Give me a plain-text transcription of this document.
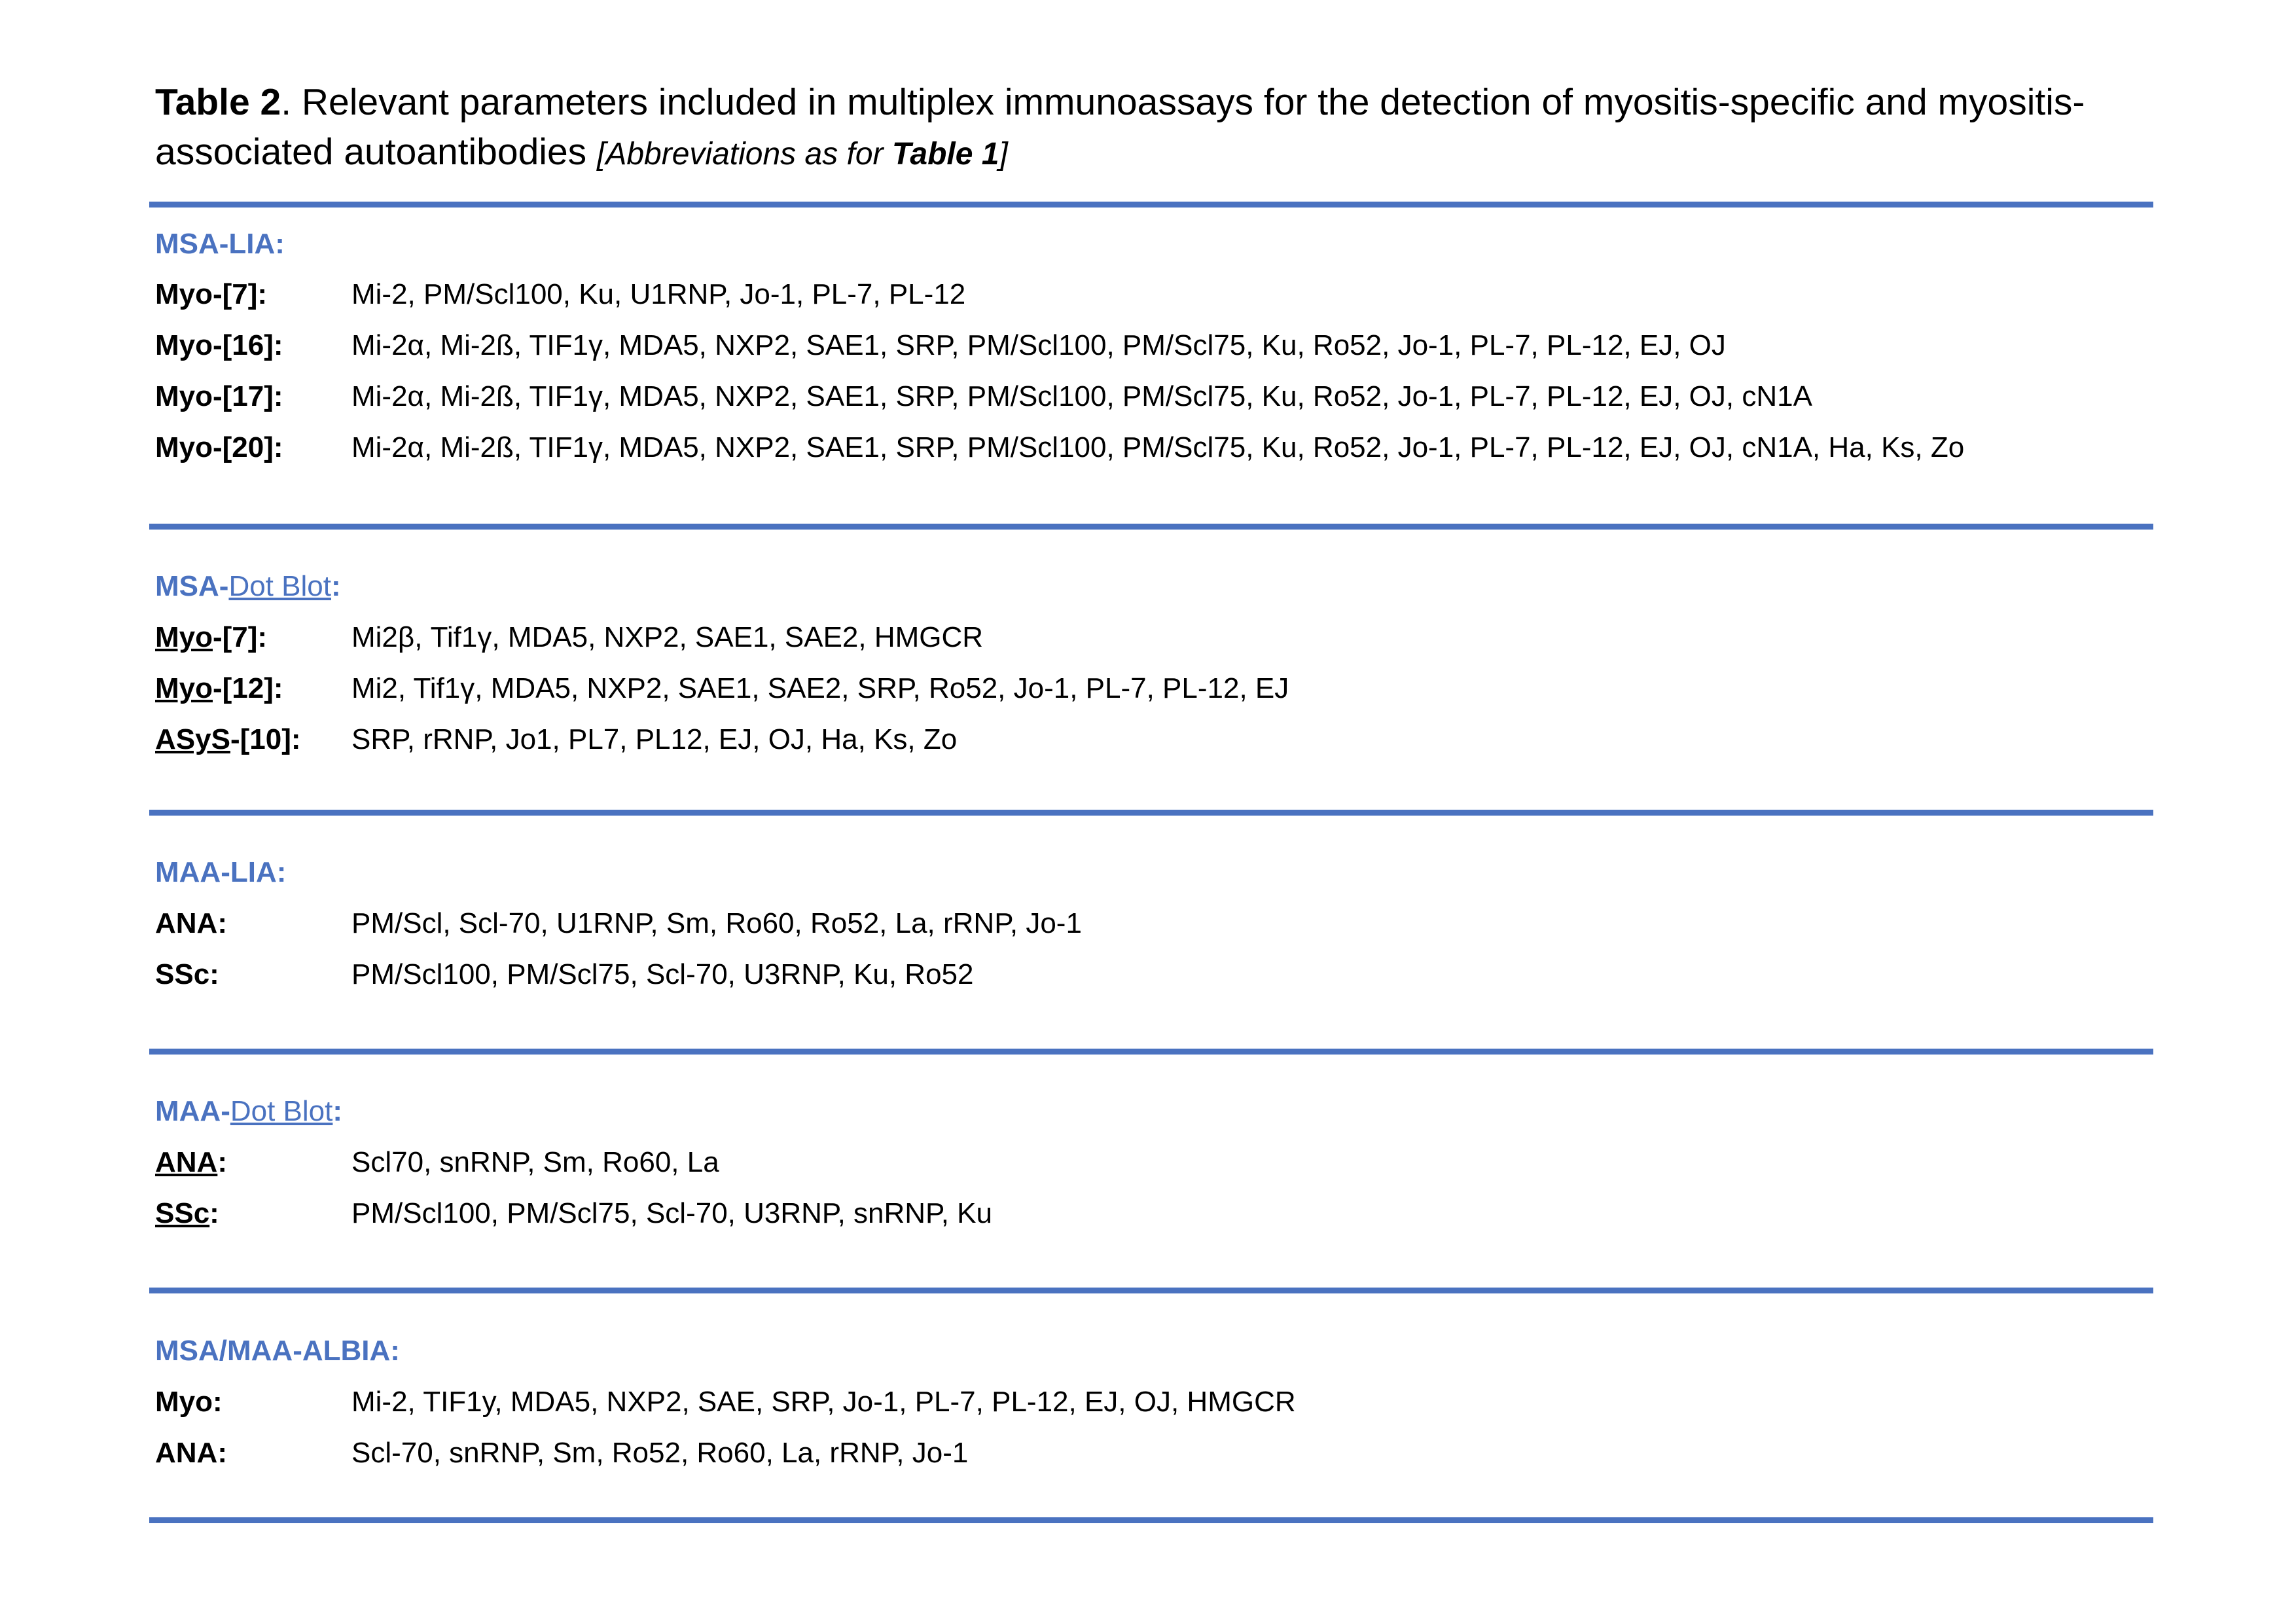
Table 2. Relevant parameters included in multiplex immunoassays for the detection of myositis-specific and myositis-associated autoantibodies [Abbreviations as for Table 1]
MSA-LIA:
Myo-[7]:	Mi-2, PM/Scl100, Ku, U1RNP, Jo-1, PL-7, PL-12
Myo-[16]: Mi-2α, Mi-2ß, TIF1γ, MDA5, NXP2, SAE1, SRP, PM/Scl100, PM/Scl75, Ku, Ro52, Jo-1, PL-7, PL-12, EJ, OJ
Myo-[17]: Mi-2α, Mi-2ß, TIF1γ, MDA5, NXP2, SAE1, SRP, PM/Scl100, PM/Scl75, Ku, Ro52, Jo-1, PL-7, PL-12, EJ, OJ, cN1A
Myo-[20]: Mi-2α, Mi-2ß, TIF1γ, MDA5, NXP2, SAE1, SRP, PM/Scl100, PM/Scl75, Ku, Ro52, Jo-1, PL-7, PL-12, EJ, OJ, cN1A, Ha, Ks, Zo
MSA-Dot Blot:
Myo-[7]:	Mi2β, Tif1γ, MDA5, NXP2, SAE1, SAE2, HMGCR
Myo-[12]: Mi2, Tif1γ, MDA5, NXP2, SAE1, SAE2, SRP, Ro52, Jo-1, PL-7, PL-12, EJ
ASyS-[10]: SRP, rRNP, Jo1, PL7, PL12, EJ, OJ, Ha, Ks, Zo
MAA-LIA:
ANA:	PM/Scl, Scl-70, U1RNP, Sm, Ro60, Ro52, La, rRNP, Jo-1
SSc:	PM/Scl100, PM/Scl75, Scl-70, U3RNP, Ku, Ro52
MAA-Dot Blot:
ANA:	Scl70, snRNP, Sm, Ro60, La
SSc:	PM/Scl100, PM/Scl75, Scl-70, U3RNP, snRNP, Ku
MSA/MAA-ALBIA:
Myo:	Mi-2, TIF1y, MDA5, NXP2, SAE, SRP, Jo-1, PL-7, PL-12, EJ, OJ, HMGCR
ANA:	Scl-70, snRNP, Sm, Ro52, Ro60, La, rRNP, Jo-1
